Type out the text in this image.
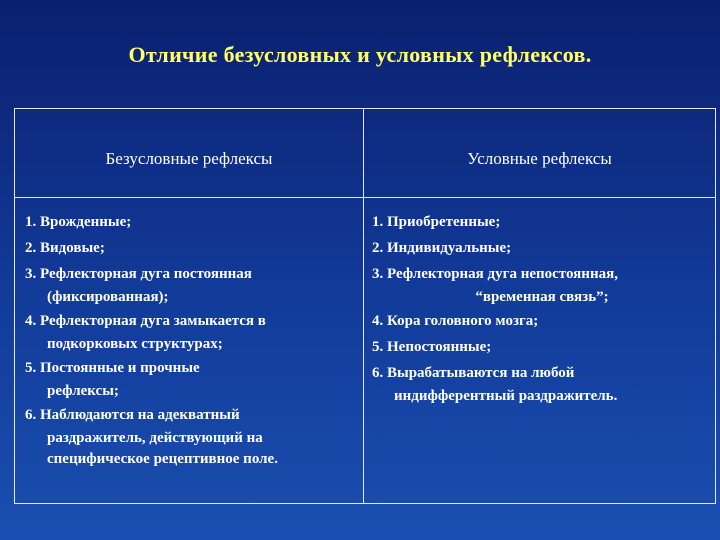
Отличие безусловных и условных рефлексов.
Безусловные рефлексы	Условные рефлексы
1. Врожденные;
2. Видовые;
3. Рефлекторная дуга постоянная
(фиксированная);
4. Рефлекторная дуга замыкается в
подкорковых структурах;
5. Постоянные и прочные
рефлексы;
6. Наблюдаются на адекватный
раздражитель, действующий на специфическое рецептивное поле.
1. Приобретенные;
2. Индивидуальные;
3. Рефлекторная дуга непостоянная,
“временная связь”;
4. Кора головного мозга;
5. Непостоянные;
6. Вырабатываются на любой
индифферентный раздражитель.
